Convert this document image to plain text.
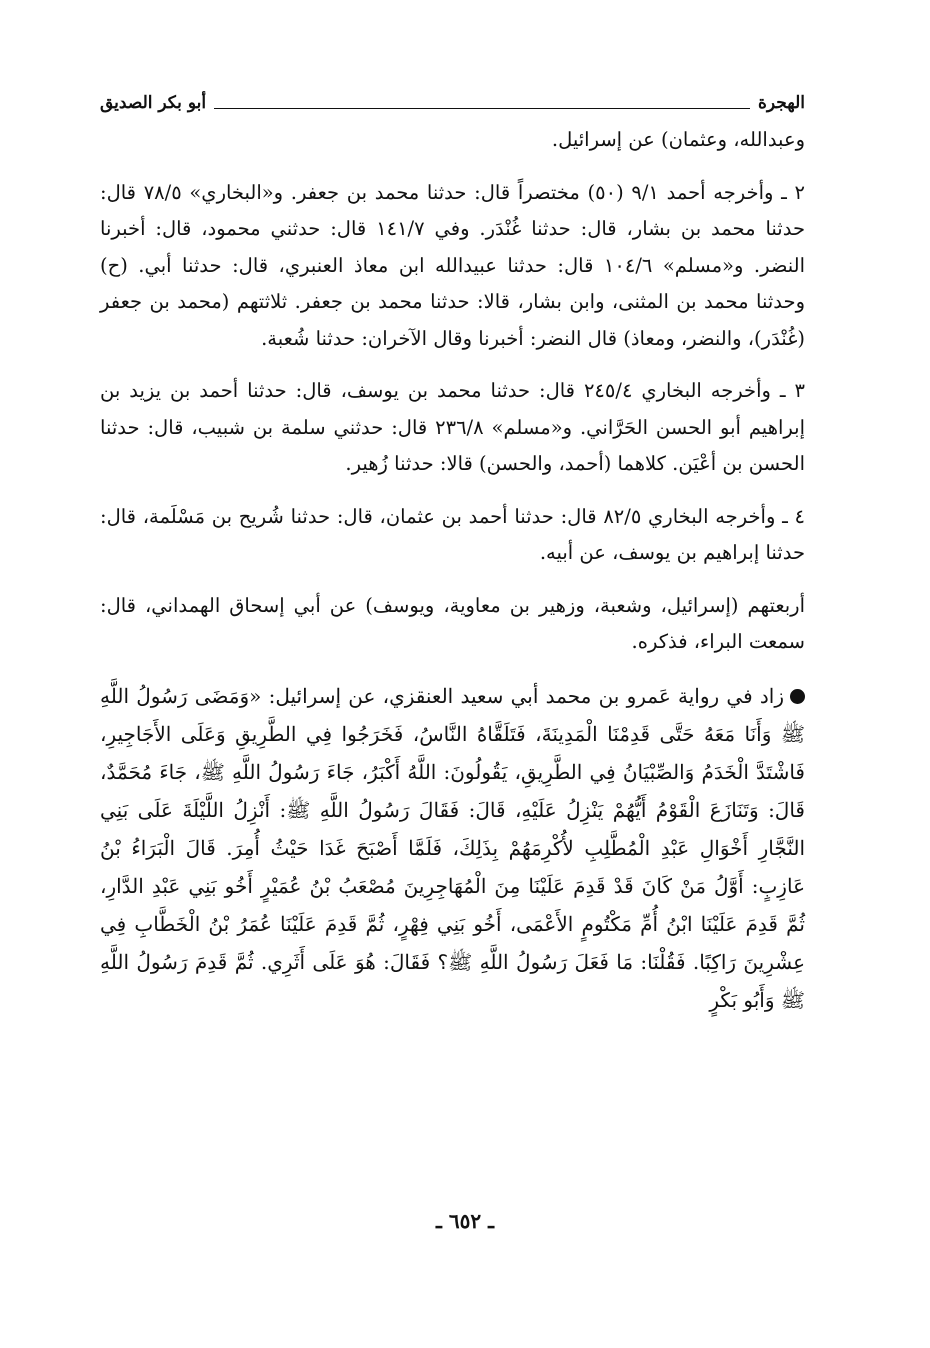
الهجرة
أبو بكر الصديق

وعبدالله، وعثمان) عن إسرائيل.

٢ ـ وأخرجه أحمد ٩/١ (٥٠) مختصراً قال: حدثنا محمد بن جعفر. و«البخاري» ٧٨/٥ قال: حدثنا محمد بن بشار، قال: حدثنا غُنْدَر. وفي ١٤١/٧ قال: حدثني محمود، قال: أخبرنا النضر. و«مسلم» ١٠٤/٦ قال: حدثنا عبيدالله ابن معاذ العنبري، قال: حدثنا أبي. (ح) وحدثنا محمد بن المثنى، وابن بشار، قالا: حدثنا محمد بن جعفر. ثلاثتهم (محمد بن جعفر (غُنْدَر)، والنضر، ومعاذ) قال النضر: أخبرنا وقال الآخران: حدثنا شُعبة.

٣ ـ وأخرجه البخاري ٢٤٥/٤ قال: حدثنا محمد بن يوسف، قال: حدثنا أحمد بن يزيد بن إبراهيم أبو الحسن الحَرَّاني. و«مسلم» ٢٣٦/٨ قال: حدثني سلمة بن شبيب، قال: حدثنا الحسن بن أعْيَن. كلاهما (أحمد، والحسن) قالا: حدثنا زُهير.

٤ ـ وأخرجه البخاري ٨٢/٥ قال: حدثنا أحمد بن عثمان، قال: حدثنا شُريح بن مَسْلَمة، قال: حدثنا إبراهيم بن يوسف، عن أبيه.

أربعتهم (إسرائيل، وشعبة، وزهير بن معاوية، ويوسف) عن أبي إسحاق الهمداني، قال: سمعت البراء، فذكره.

زاد في رواية عَمرو بن محمد أبي سعيد العنقزي، عن إسرائيل: «وَمَضَى رَسُولُ اللَّهِ ﷺ وَأَنَا مَعَهُ حَتَّى قَدِمْنَا الْمَدِينَةَ، فَتَلَقَّاهُ النَّاسُ، فَخَرَجُوا فِي الطَّرِيقِ وَعَلَى الأَجَاجِيرِ، فَاشْتَدَّ الْخَدَمُ وَالصِّبْيَانُ فِي الطَّرِيقِ، يَقُولُونَ: اللَّهُ أَكْبَرُ، جَاءَ رَسُولُ اللَّهِ ﷺ، جَاءَ مُحَمَّدٌ، قَالَ: وَتَنَازَعَ الْقَوْمُ أَيُّهُمْ يَنْزِلُ عَلَيْهِ، قَالَ: فَقَالَ رَسُولُ اللَّهِ ﷺ: أَنْزِلُ اللَّيْلَةَ عَلَى بَنِي النَّجَّارِ أَخْوَالِ عَبْدِ الْمُطَّلِبِ لأُكْرِمَهُمْ بِذَلِكَ، فَلَمَّا أَصْبَحَ غَدَا حَيْثُ أُمِرَ. قَالَ الْبَرَاءُ بْنُ عَازِبٍ: أَوَّلُ مَنْ كَانَ قَدْ قَدِمَ عَلَيْنَا مِنَ الْمُهَاجِرِينَ مُصْعَبُ بْنُ عُمَيْرٍ أَخُو بَنِي عَبْدِ الدَّارِ، ثُمَّ قَدِمَ عَلَيْنَا ابْنُ أُمِّ مَكْتُومٍ الأَعْمَى، أَخُو بَنِي فِهْرٍ، ثُمَّ قَدِمَ عَلَيْنَا عُمَرُ بْنُ الْخَطَّابِ فِي عِشْرِينَ رَاكِبًا. فَقُلْنَا: مَا فَعَلَ رَسُولُ اللَّهِ ﷺ؟ فَقَالَ: هُوَ عَلَى أَثَرِي. ثُمَّ قَدِمَ رَسُولُ اللَّهِ ﷺ وَأَبُو بَكْرٍ

ـ ٦٥٢ ـ
